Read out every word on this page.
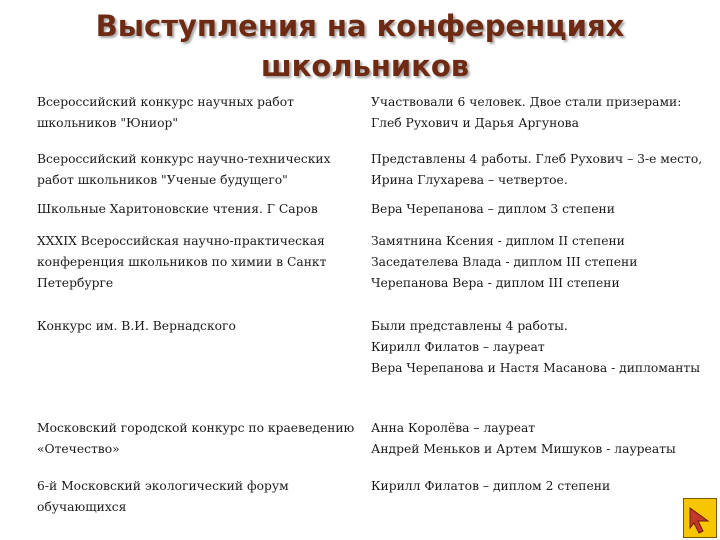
Выступления на конференциях
школьников
Всероссийский конкурс научных работ
школьников "Юниор"
Участвовали 6 человек. Двое стали призерами:
Глеб Рухович и Дарья Аргунова
Всероссийский конкурс научно-технических
работ школьников "Ученые будущего"
Представлены 4 работы. Глеб Рухович – 3-е место,
Ирина Глухарева – четвертое.
Школьные Харитоновские чтения. Г Саров	Вера Черепанова – диплом 3 степени
XXXIX Всероссийская научно-практическая
конференция школьников по химии в Санкт
Петербурге
Замятнина Ксения - диплом II степени
Заседателева Влада - диплом III степени
Черепанова Вера - диплом III степени
Конкурс им. В.И. Вернадского	Были представлены 4 работы.
Кирилл Филатов – лауреат
Вера Черепанова и Настя Масанова - дипломанты
Московский городской конкурс по краеведению
«Отечество»
Анна Королёва – лауреат
Андрей Меньков и Артем Мишуков - лауреаты
6-й Московский экологический форум
обучающихся
Кирилл Филатов – диплом 2 степени
